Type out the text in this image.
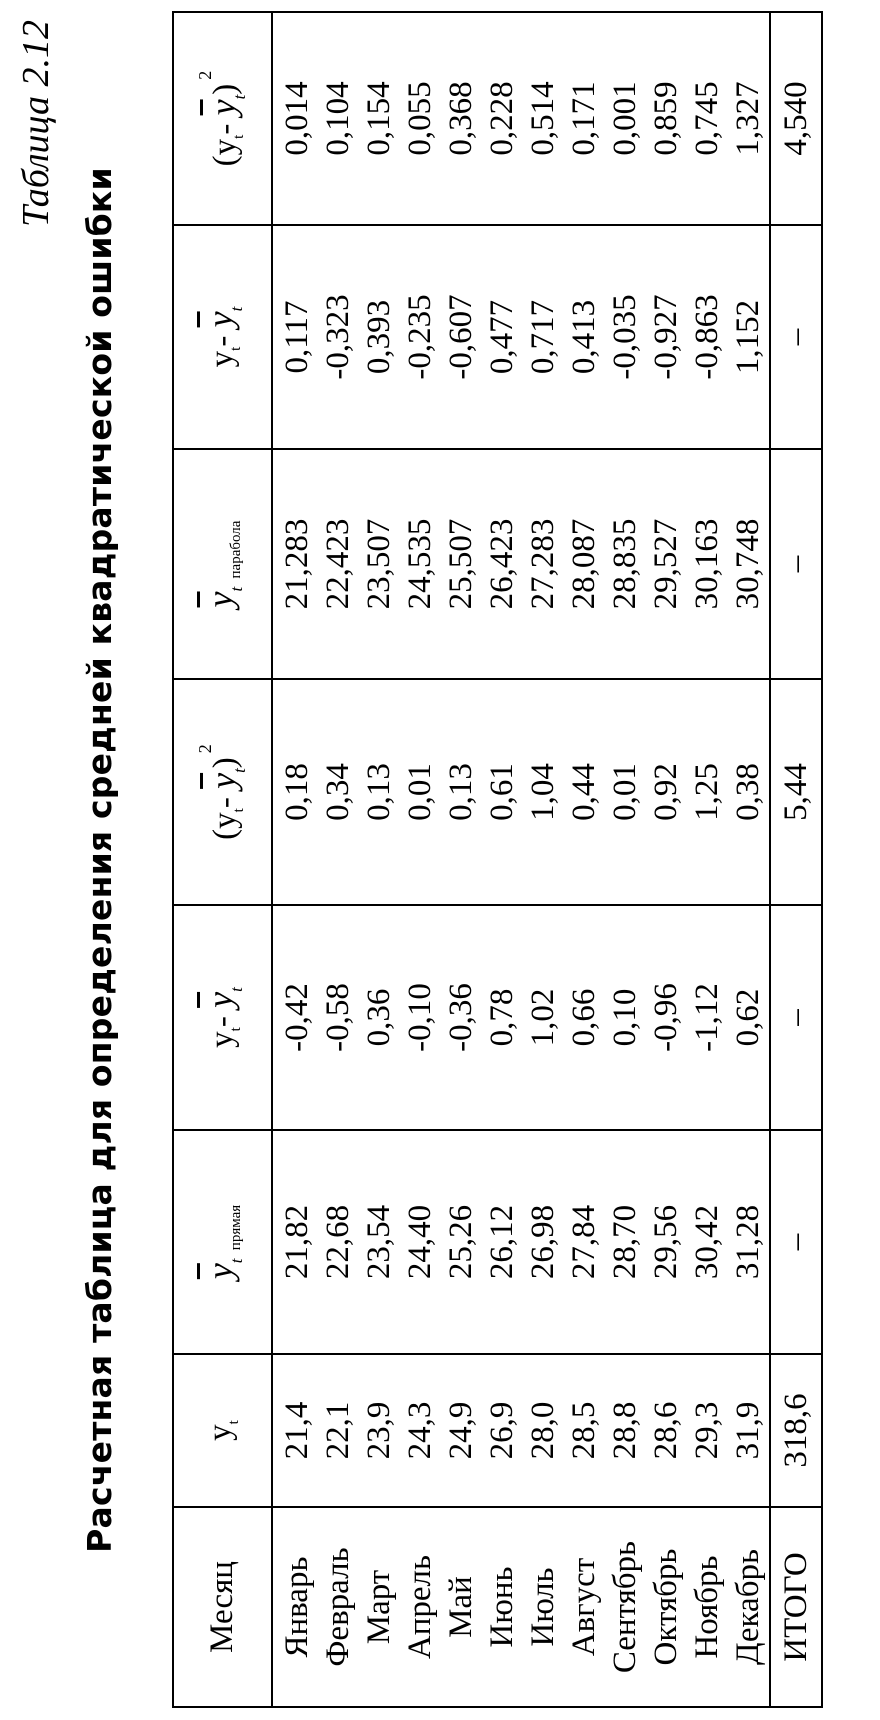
Таблица 2.12
Расчетная таблица для определения средней квадратической ошибки
Месяц	$y_t$	$\overline{y}_t$ $_{прямая}$	$y_t-$ $\overline{y}_t$	($y_t-$ $\overline{y}_t)^2$	$\overline{y}_t$ $_{парабола}$	$y_t-$ $\overline{y}_t$	($y_t-$ $\overline{y}_t)^2$
Январь	21,4	21,82	-0,42	0,18	21,283	0,117	0,014
Февраль	22,1	22,68	-0,58	0,34	22,423	-0,323	0,104
Март	23,9	23,54	0,36	0,13	23,507	0,393	0,154
Апрель	24,3	24,40	-0,10	0,01	24,535	-0,235	0,055
Май	24,9	25,26	-0,36	0,13	25,507	-0,607	0,368
Июнь	26,9	26,12	0,78	0,61	26,423	0,477	0,228
Июль	28,0	26,98	1,02	1,04	27,283	0,717	0,514
Август	28,5	27,84	0,66	0,44	28,087	0,413	0,171
Сентябрь	28,8	28,70	0,10	0,01	28,835	-0,035	0,001
Октябрь	28,6	29,56	-0,96	0,92	29,527	-0,927	0,859
Ноябрь	29,3	30,42	-1,12	1,25	30,163	-0,863	0,745
Декабрь	31,9	31,28	0,62	0,38	30,748	1,152	1,327
ИТОГО	318,6	–	–	5,44	–	–	4,540
